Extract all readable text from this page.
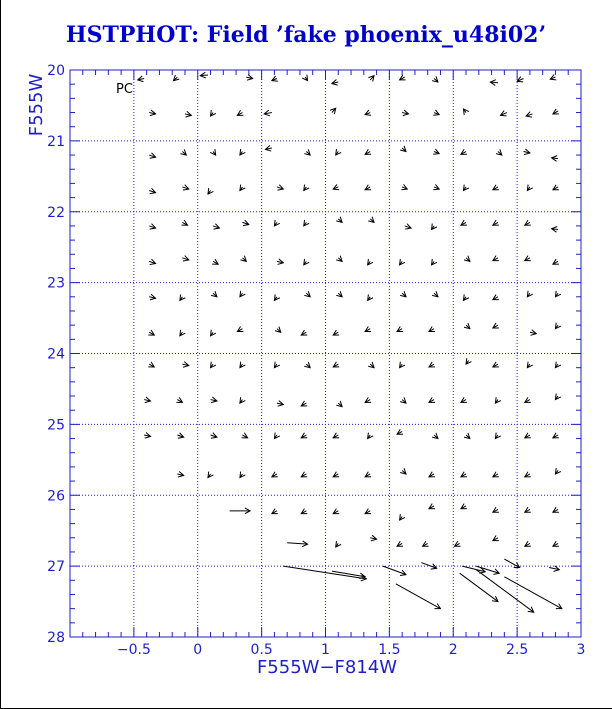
HSTPHOT: Field ’fake phoenix_u48i02’
−0.5	0	0.5	1	1.5	2	2.5	3
20
21
22
23
24
25
26
27
28
PC
F555W−F814W
F555W
